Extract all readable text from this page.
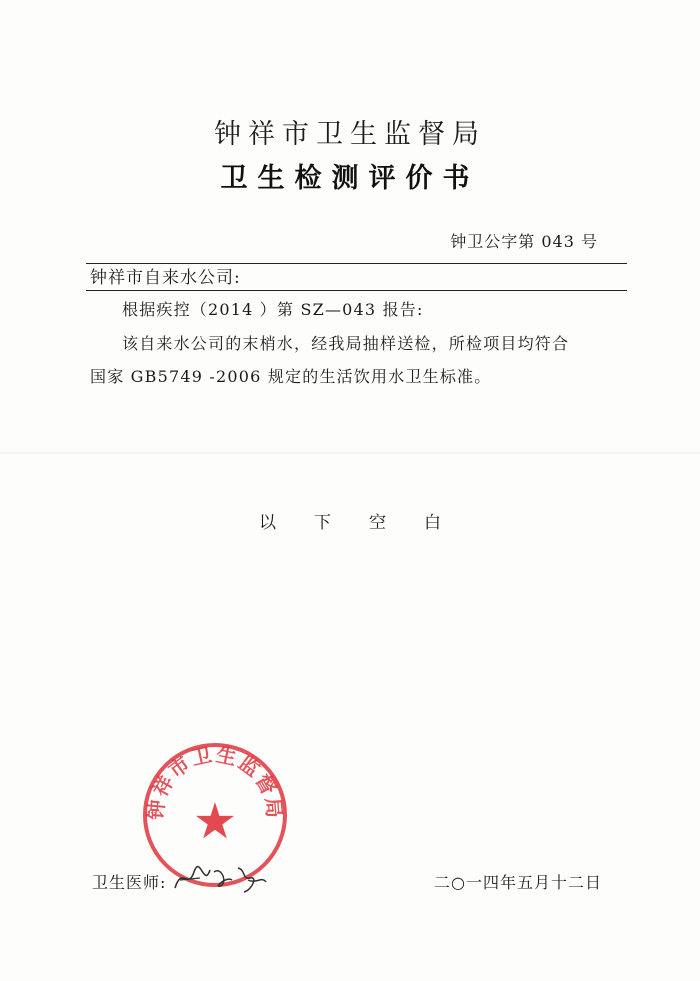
钟祥市卫生监督局
卫生检测评价书
钟卫公字第 043 号
钟祥市自来水公司:
根据疾控（2014 ）第 SZ—043 报告:
该自来水公司的末梢水，经我局抽样送检，所检项目均符合
国家 GB5749 -2006 规定的生活饮用水卫生标准。
以下空白
钟祥市卫生监督局
卫生医师:	二○一四年五月十二日
